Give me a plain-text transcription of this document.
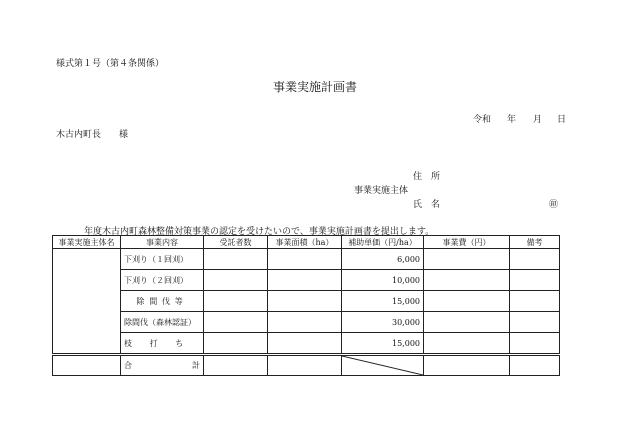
様式第１号（第４条関係）
事業実施計画書
令和 年 月 日
木古内町長　　様
住　所
事業実施主体
氏　名	㊞
年度木古内町森林整備対策事業の認定を受けたいので、事業実施計画書を提出します。
事業実施主体名	事業内容	受託者数	事業面積（ha）	補助単価（円/ha）	事業費（円）	備考
	下刈り（１回刈）			6,000		
	下刈り（２回刈）			10,000		
	除間伐等			15,000		
	除間伐（森林認証）			30,000		
	枝打ち			15,000		

	合 計
